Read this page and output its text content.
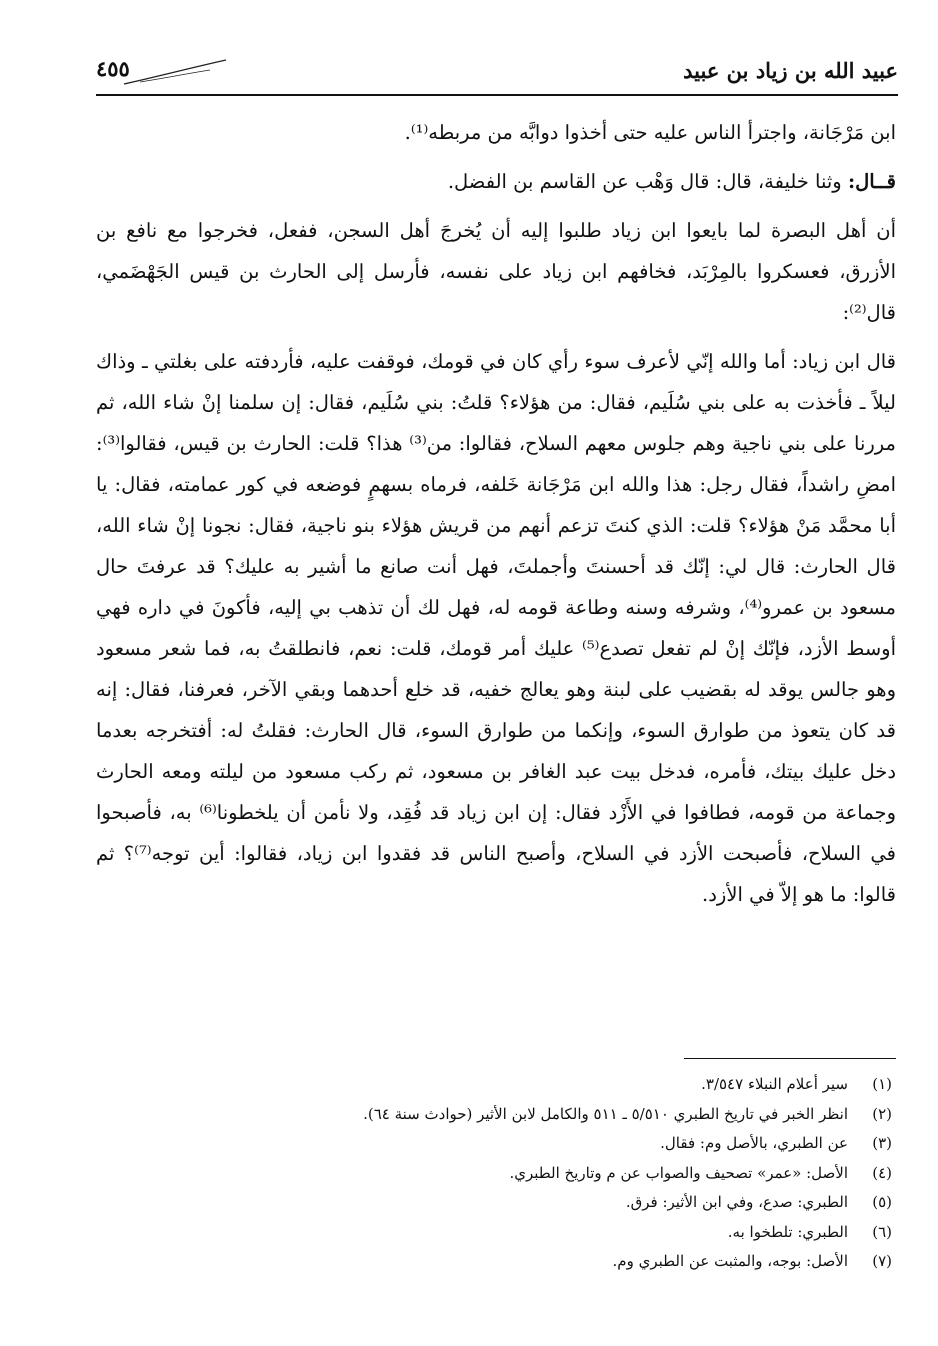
عبيد الله بن زياد بن عبيد
٤٥٥

ابن مَرْجَانة، واجترأ الناس عليه حتى أخذوا دوابَّه من مربطه⁽¹⁾.

قــال: وثنا خليفة، قال: قال وَهْب عن القاسم بن الفضل.

أن أهل البصرة لما بايعوا ابن زياد طلبوا إليه أن يُخرجَ أهل السجن، ففعل، فخرجوا مع نافع بن الأزرق، فعسكروا بالمِرْبَد، فخافهم ابن زياد على نفسه، فأرسل إلى الحارث بن قيس الجَهْضَمي، قال⁽²⁾:

قال ابن زياد: أما والله إنّي لأعرف سوء رأي كان في قومك، فوقفت عليه، فأردفته على بغلتي ـ وذاك ليلاً ـ فأخذت به على بني سُلَيم، فقال: من هؤلاء؟ قلتُ: بني سُلَيم، فقال: إن سلمنا إنْ شاء الله، ثم مررنا على بني ناجية وهم جلوس معهم السلاح، فقالوا: من⁽³⁾ هذا؟ قلت: الحارث بن قيس، فقالوا⁽³⁾: امضِ راشداً، فقال رجل: هذا والله ابن مَرْجَانة خَلفه، فرماه بسهمٍ فوضعه في كور عمامته، فقال: يا أبا محمَّد مَنْ هؤلاء؟ قلت: الذي كنتَ تزعم أنهم من قريش هؤلاء بنو ناجية، فقال: نجونا إنْ شاء الله، قال الحارث: قال لي: إنّك قد أحسنتَ وأجملتَ، فهل أنت صانع ما أشير به عليك؟ قد عرفتَ حال مسعود بن عمرو⁽⁴⁾، وشرفه وسنه وطاعة قومه له، فهل لك أن تذهب بي إليه، فأكونَ في داره فهي أوسط الأزد، فإنّك إنْ لم تفعل تصدع⁽⁵⁾ عليك أمر قومك، قلت: نعم، فانطلقتُ به، فما شعر مسعود وهو جالس يوقد له بقضيب على لبنة وهو يعالج خفيه، قد خلع أحدهما وبقي الآخر، فعرفنا، فقال: إنه قد كان يتعوذ من طوارق السوء، وإنكما من طوارق السوء، قال الحارث: فقلتُ له: أفتخرجه بعدما دخل عليك بيتك، فأمره، فدخل بيت عبد الغافر بن مسعود، ثم ركب مسعود من ليلته ومعه الحارث وجماعة من قومه، فطافوا في الأَزْد فقال: إن ابن زياد قد فُقِد، ولا نأمن أن يلخطونا⁽⁶⁾ به، فأصبحوا في السلاح، فأصبحت الأزد في السلاح، وأصبح الناس قد فقدوا ابن زياد، فقالوا: أين توجه⁽⁷⁾؟ ثم قالوا: ما هو إلاّ في الأزد.

(١)
سير أعلام النبلاء ٣/٥٤٧.
(٢)
انظر الخبر في تاريخ الطبري ٥/٥١٠ ـ ٥١١ والكامل لابن الأثير (حوادث سنة ٦٤).
(٣)
عن الطبري، بالأصل وم: فقال.
(٤)
الأصل: «عمر» تصحيف والصواب عن م وتاريخ الطبري.
(٥)
الطبري: صدع، وفي ابن الأثير: فرق.
(٦)
الطبري: تلطخوا به.
(٧)
الأصل: بوجه، والمثبت عن الطبري وم.
